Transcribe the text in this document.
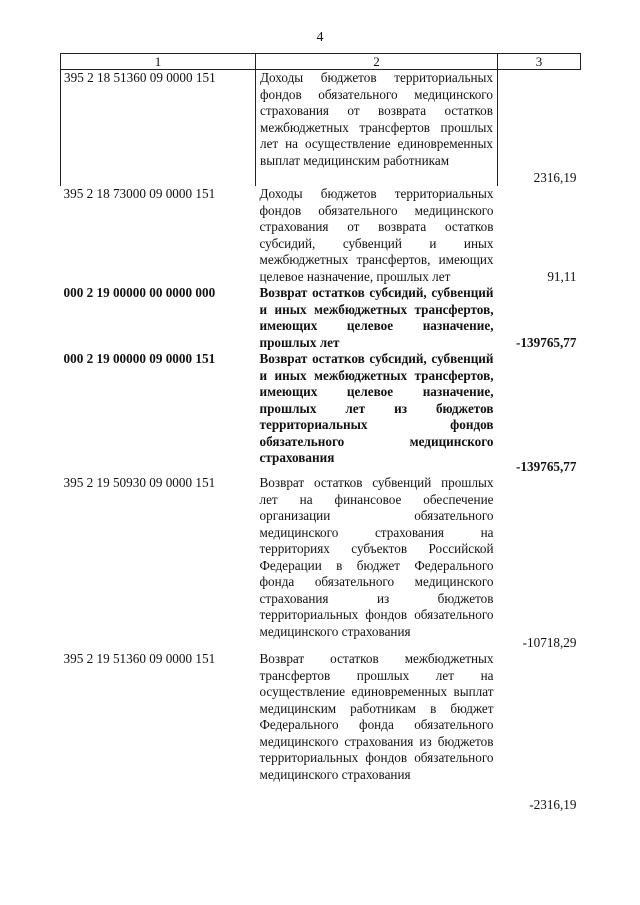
4
1	2	3
395 2 18 51360 09 0000 151	Доходы бюджетов территориальных фондов обязательного медицинского страхования от возврата остатков межбюджетных трансфертов прошлых лет на осуществление единовременных выплат медицинским работникам	2316,19
395 2 18 73000 09 0000 151	Доходы бюджетов территориальных фондов обязательного медицинского страхования от возврата остатков субсидий, субвенций и иных межбюджетных трансфертов, имеющих целевое назначение, прошлых лет	91,11
000 2 19 00000 00 0000 000	Возврат остатков субсидий, субвенций и иных межбюджетных трансфертов, имеющих целевое назначение, прошлых лет	-139765,77
000 2 19 00000 09 0000 151	Возврат остатков субсидий, субвенций и иных межбюджетных трансфертов, имеющих целевое назначение, прошлых лет из бюджетов территориальных фондов обязательного медицинского страхования	-139765,77
395 2 19 50930 09 0000 151	Возврат остатков субвенций прошлых лет на финансовое обеспечение организации обязательного медицинского страхования на территориях субъектов Российской Федерации в бюджет Федерального фонда обязательного медицинского страхования из бюджетов территориальных фондов обязательного медицинского страхования	-10718,29
395 2 19 51360 09 0000 151	Возврат остатков межбюджетных трансфертов прошлых лет на осуществление единовременных выплат медицинским работникам в бюджет Федерального фонда обязательного медицинского страхования из бюджетов территориальных фондов обязательного медицинского страхования	-2316,19
